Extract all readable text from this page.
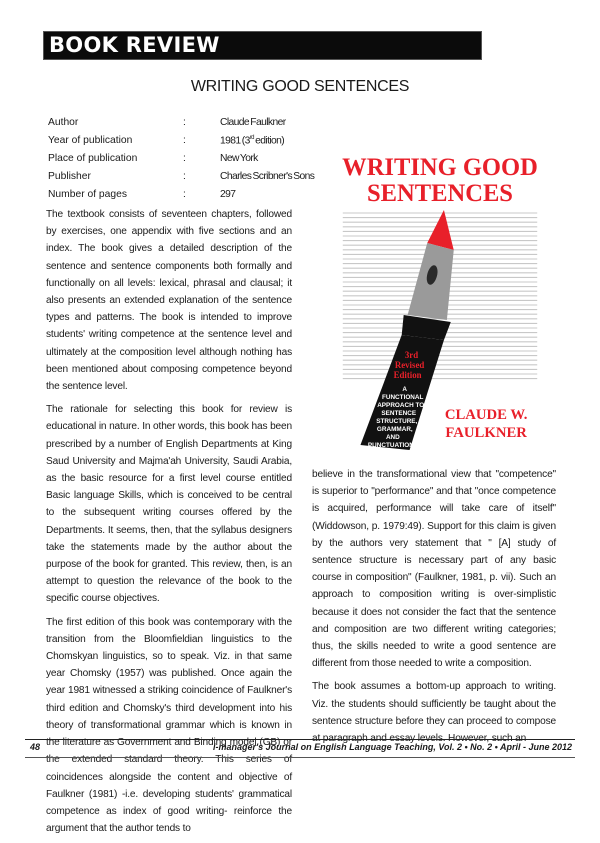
BOOK REVIEW
WRITING GOOD SENTENCES
Author	:	Claude Faulkner
Year of publication	:	1981 (3rd edition)
Place of publication	:	New York
Publisher	:	Charles Scribner's Sons
Number of pages	:	297

The textbook consists of seventeen chapters, followed by exercises, one appendix with five sections and an index. The book gives a detailed description of the sentence and sentence components both formally and functionally on all levels: lexical, phrasal and clausal; it also presents an extended explanation of the sentence types and patterns. The book is intended to improve students' writing competence at the sentence level and ultimately at the composition level although nothing has been mentioned about composing competence beyond the sentence level.

The rationale for selecting this book for review is educational in nature. In other words, this book has been prescribed by a number of English Departments at King Saud University and Majma'ah University, Saudi Arabia, as the basic resource for a first level course entitled Basic language Skills, which is conceived to be central to the subsequent writing courses offered by the Departments. It seems, then, that the syllabus designers take the statements made by the author about the purpose of the book for granted. This review, then, is an attempt to question the relevance of the book to the specific course objectives.

The first edition of this book was contemporary with the transition from the Bloomfieldian linguistics to the Chomskyan linguistics, so to speak. Viz. in that same year Chomsky (1957) was published. Once again the year 1981 witnessed a striking coincidence of Faulkner's third edition and Chomsky's third development into his theory of transformational grammar which is known in the literature as Government and Binding model (GB) or the extended standard theory. This series of coincidences alongside the content and objective of Faulkner (1981) -i.e. developing students' grammatical competence as index of good writing- reinforce the argument that the author tends to

WRITING GOOD
SENTENCES
3rd
Revised
Edition
A
FUNCTIONAL
APPROACH TO
SENTENCE
STRUCTURE,
GRAMMAR,
AND
PUNCTUATION
CLAUDE W.
FAULKNER

believe in the transformational view that "competence" is superior to "performance" and that "once competence is acquired, performance will take care of itself" (Widdowson, p. 1979:49). Support for this claim is given by the authors very statement that " [A] study of sentence structure is necessary part of any basic course in composition" (Faulkner, 1981, p. vii). Such an approach to composition writing is over-simplistic because it does not consider the fact that the sentence and composition are two different writing categories; thus, the skills needed to write a good sentence are different from those needed to write a composition.

The book assumes a bottom-up approach to writing. Viz. the students should sufficiently be taught about the sentence structure before they can proceed to compose at paragraph and essay levels. However, such an

48	i-manager's Journal on English Language Teaching, Vol. 2 • No. 2 • April - June 2012
